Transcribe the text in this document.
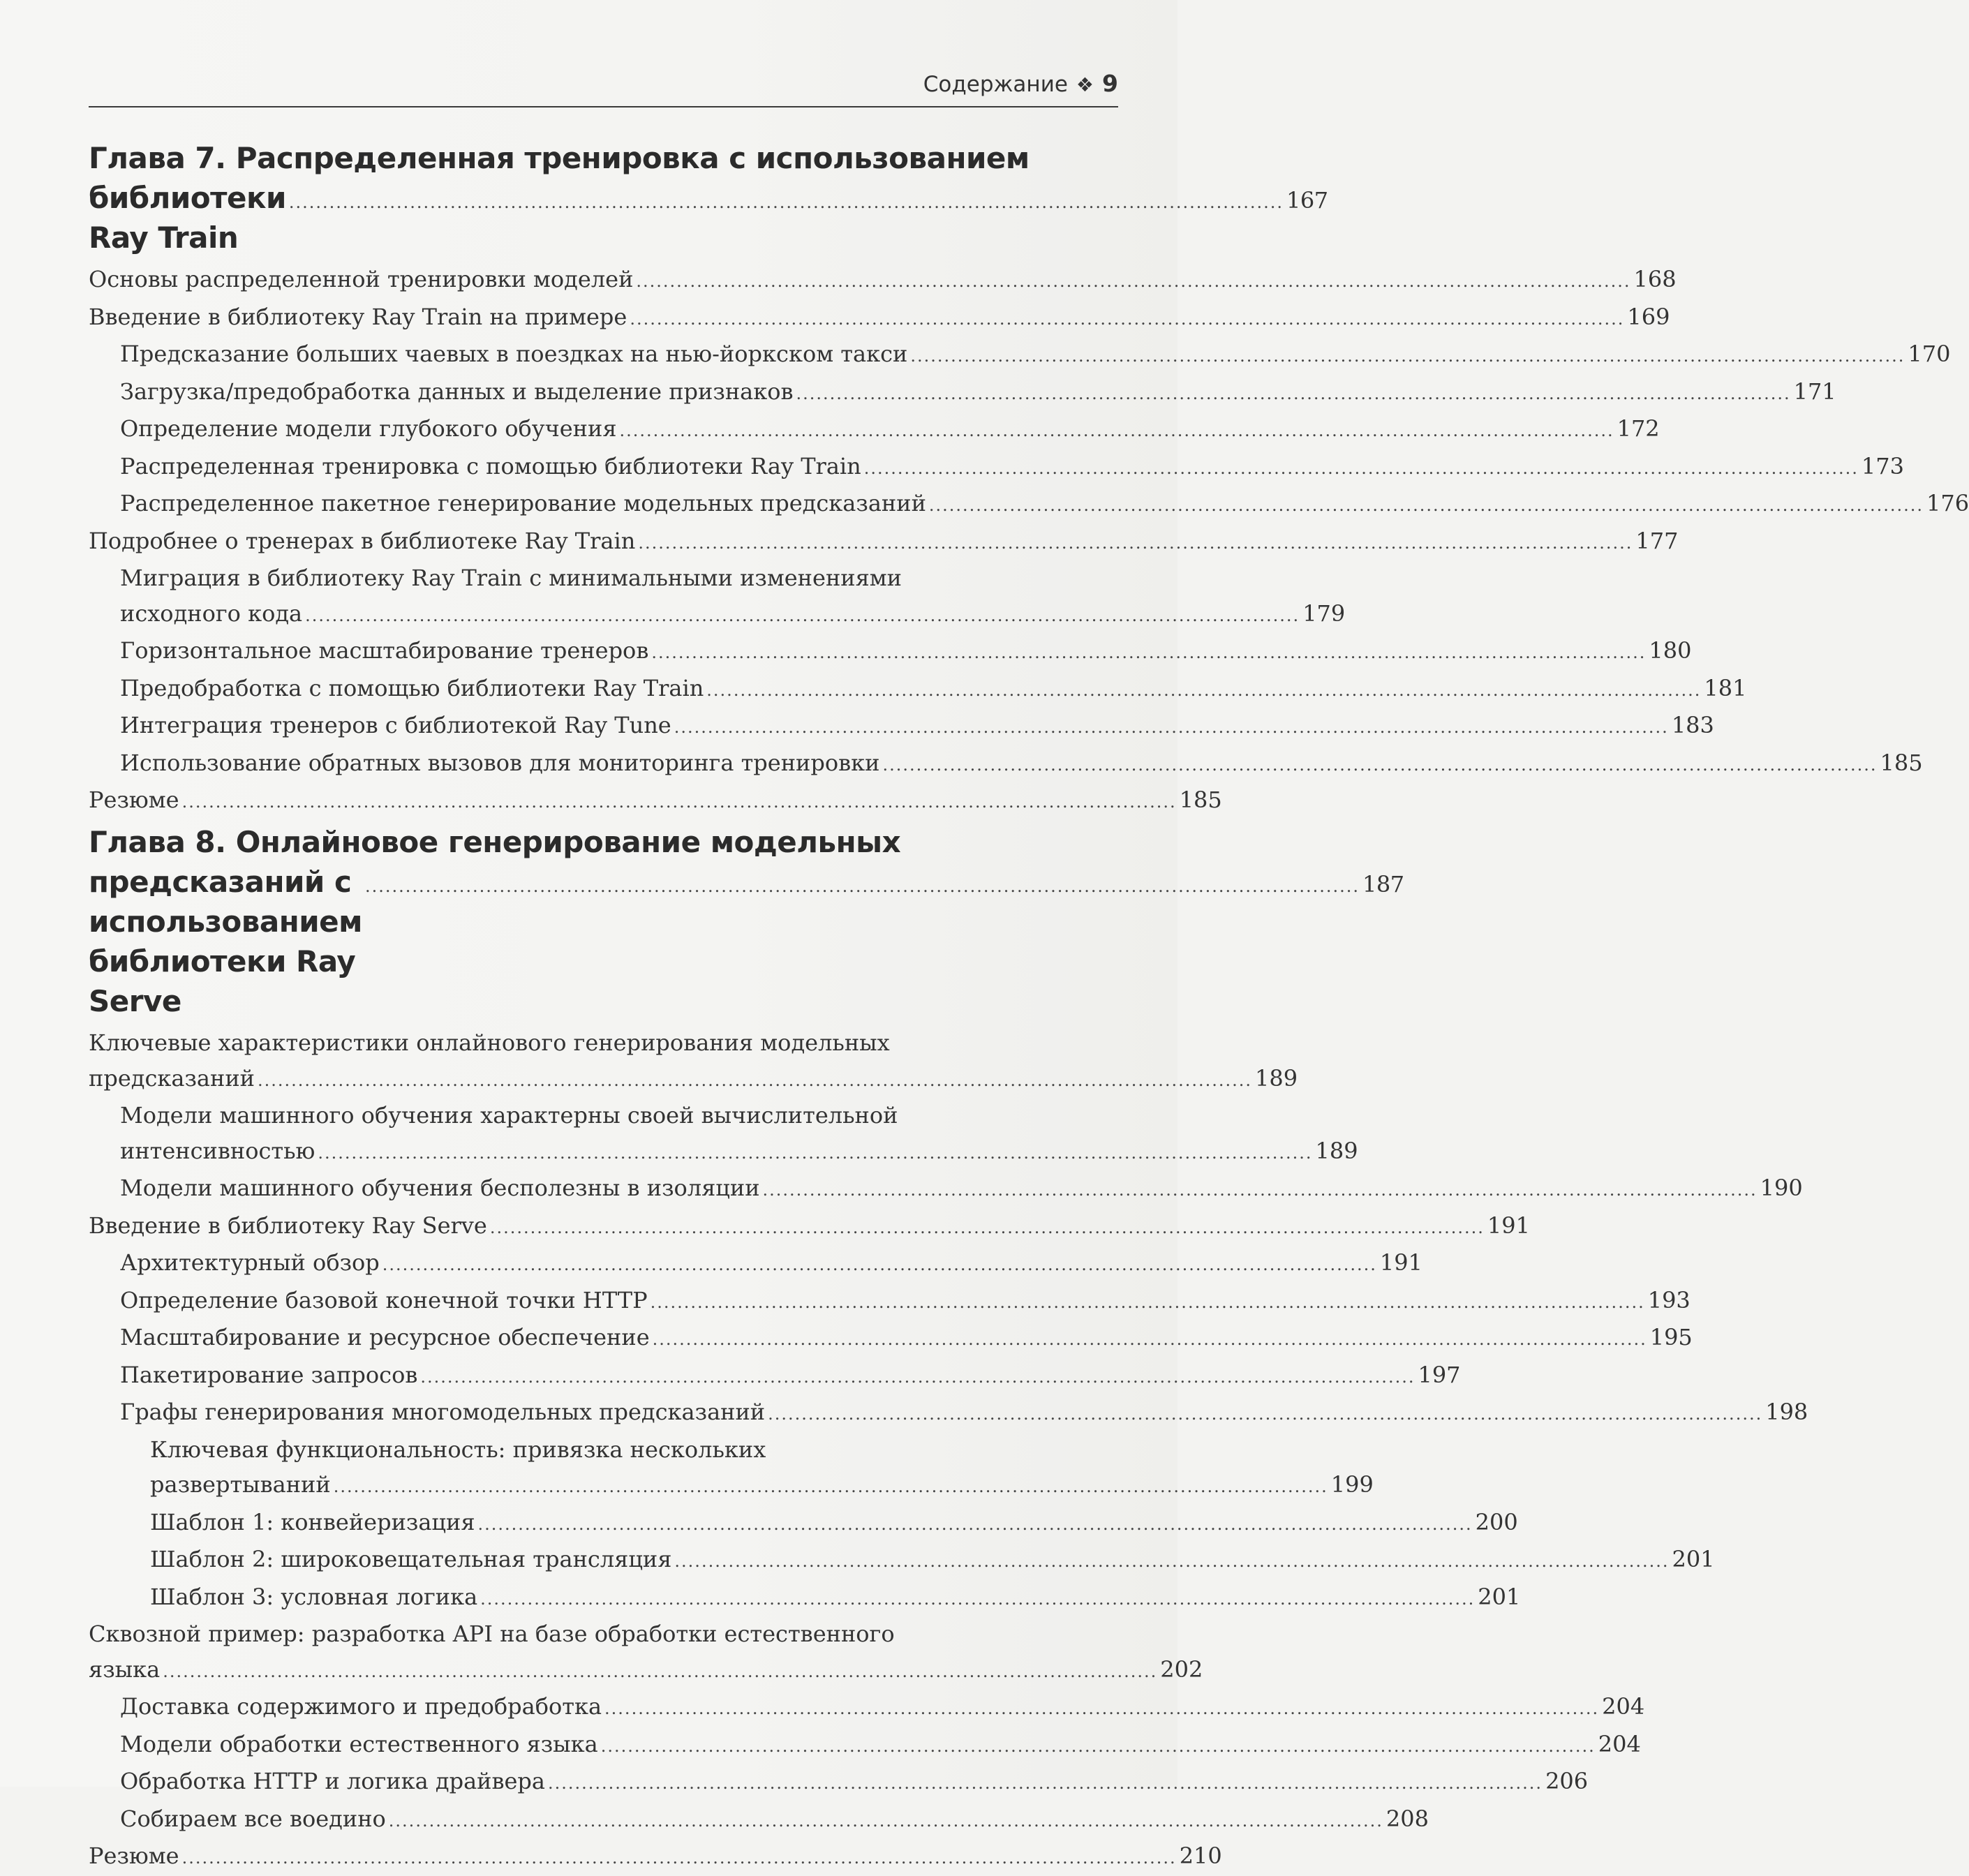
Содержание ❖ 9
Глава 7. Распределенная тренировка с использованием
библиотеки Ray Train
.................................................................................................................................................... 167
Основы распределенной тренировки моделей .................................................................................................................................................... 168
Введение в библиотеку Ray Train на примере .................................................................................................................................................... 169
Предсказание больших чаевых в поездках на нью-йоркском такси .................................................................................................................................................... 170
Загрузка/предобработка данных и выделение признаков .................................................................................................................................................... 171
Определение модели глубокого обучения .................................................................................................................................................... 172
Распределенная тренировка с помощью библиотеки Ray Train .................................................................................................................................................... 173
Распределенное пакетное генерирование модельных предсказаний .................................................................................................................................................... 176
Подробнее о тренерах в библиотеке Ray Train .................................................................................................................................................... 177
Миграция в библиотеку Ray Train с минимальными изменениями
исходного кода .................................................................................................................................................... 179
Горизонтальное масштабирование тренеров .................................................................................................................................................... 180
Предобработка с помощью библиотеки Ray Train .................................................................................................................................................... 181
Интеграция тренеров с библиотекой Ray Tune .................................................................................................................................................... 183
Использование обратных вызовов для мониторинга тренировки .................................................................................................................................................... 185
Резюме .................................................................................................................................................... 185
Глава 8. Онлайновое генерирование модельных
предсказаний с использованием библиотеки Ray Serve
.................................................................................................................................................... 187
Ключевые характеристики онлайнового генерирования модельных
предсказаний .................................................................................................................................................... 189
Модели машинного обучения характерны своей вычислительной
интенсивностью .................................................................................................................................................... 189
Модели машинного обучения бесполезны в изоляции .................................................................................................................................................... 190
Введение в библиотеку Ray Serve .................................................................................................................................................... 191
Архитектурный обзор .................................................................................................................................................... 191
Определение базовой конечной точки HTTP .................................................................................................................................................... 193
Масштабирование и ресурсное обеспечение .................................................................................................................................................... 195
Пакетирование запросов .................................................................................................................................................... 197
Графы генерирования многомодельных предсказаний .................................................................................................................................................... 198
Ключевая функциональность: привязка нескольких
развертываний .................................................................................................................................................... 199
Шаблон 1: конвейеризация .................................................................................................................................................... 200
Шаблон 2: широковещательная трансляция .................................................................................................................................................... 201
Шаблон 3: условная логика .................................................................................................................................................... 201
Сквозной пример: разработка API на базе обработки естественного
языка .................................................................................................................................................... 202
Доставка содержимого и предобработка .................................................................................................................................................... 204
Модели обработки естественного языка .................................................................................................................................................... 204
Обработка HTTP и логика драйвера .................................................................................................................................................... 206
Собираем все воедино .................................................................................................................................................... 208
Резюме .................................................................................................................................................... 210
